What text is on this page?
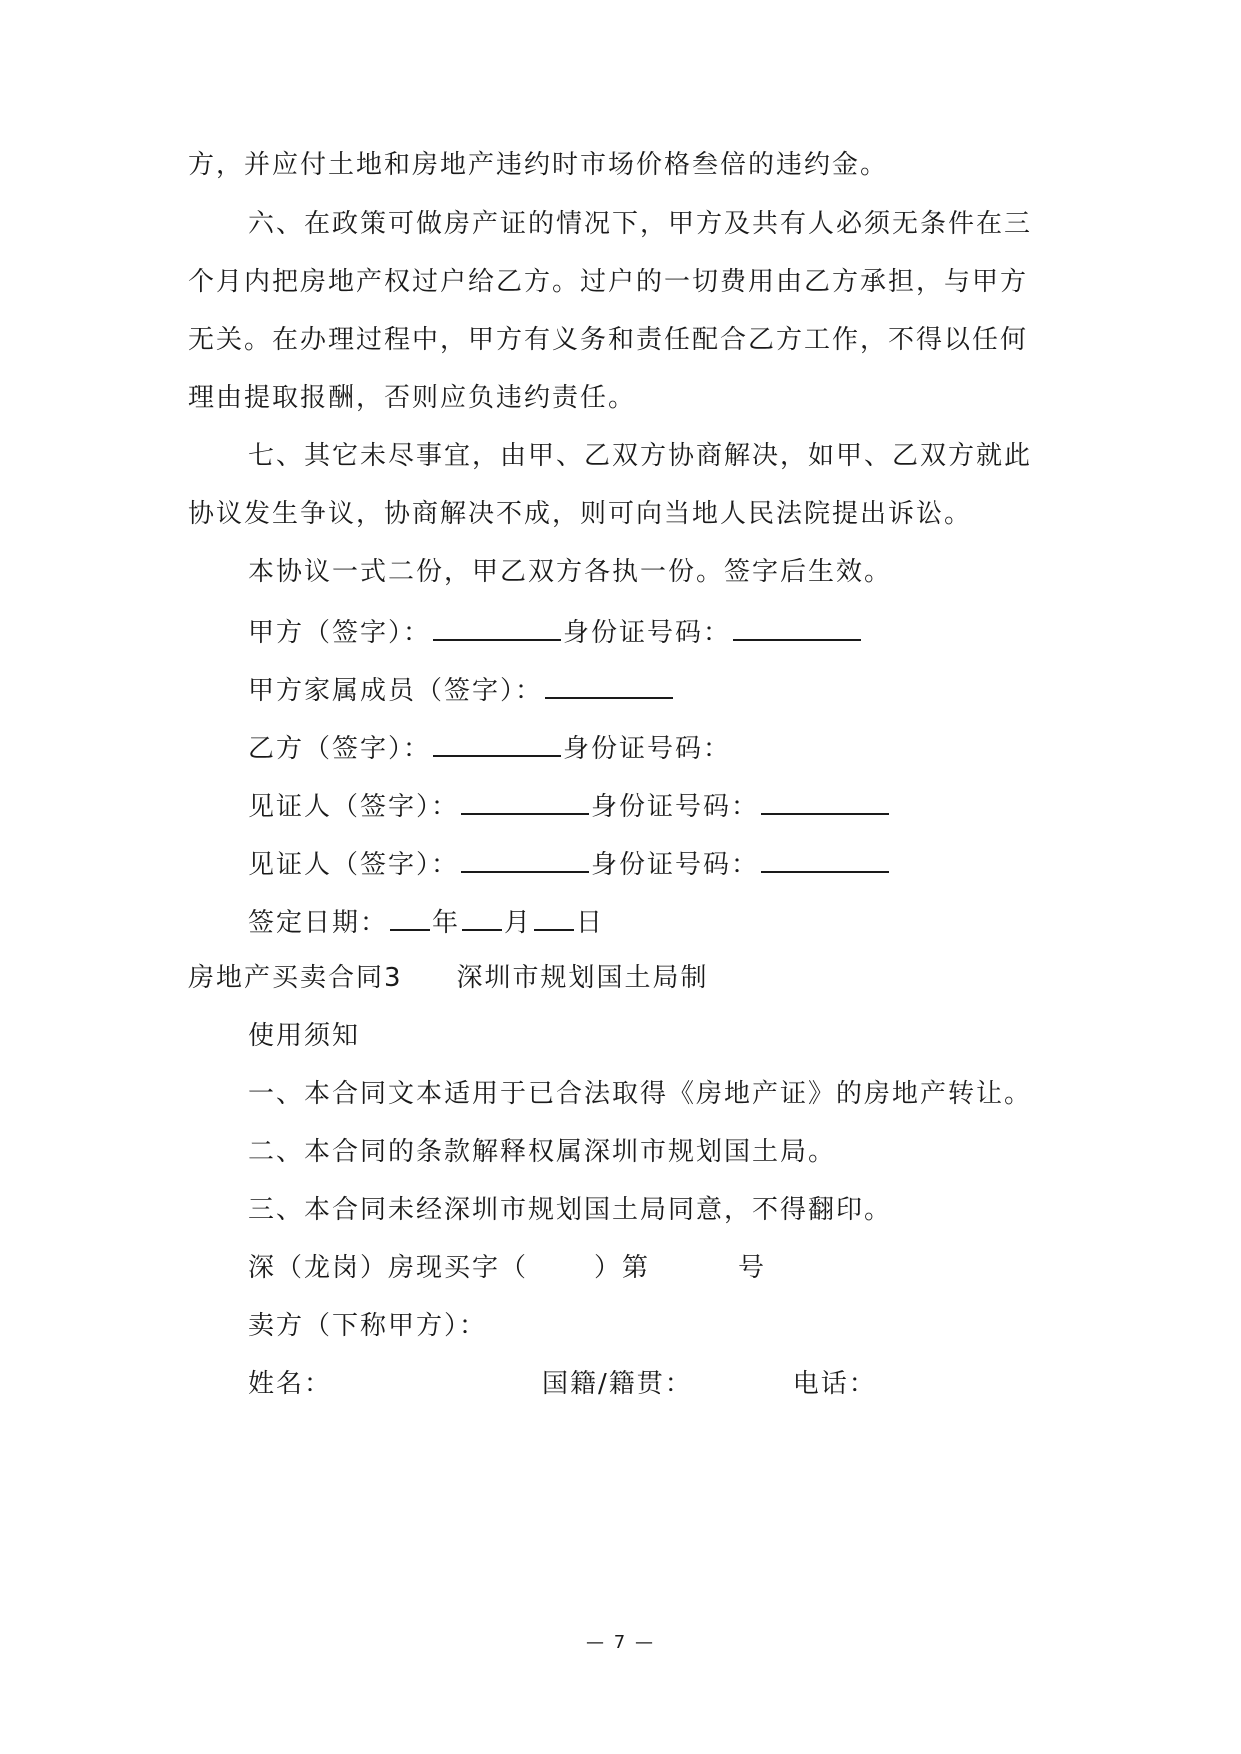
方，并应付土地和房地产违约时市场价格叁倍的违约金。
六、在政策可做房产证的情况下，甲方及共有人必须无条件在三
个月内把房地产权过户给乙方。过户的一切费用由乙方承担，与甲方
无关。在办理过程中，甲方有义务和责任配合乙方工作，不得以任何
理由提取报酬，否则应负违约责任。
七、其它未尽事宜，由甲、乙双方协商解决，如甲、乙双方就此
协议发生争议，协商解决不成，则可向当地人民法院提出诉讼。
本协议一式二份，甲乙双方各执一份。签字后生效。
甲方（签字）：	身份证号码：
甲方家属成员（签字）：
乙方（签字）：	身份证号码：
见证人（签字）：	身份证号码：
见证人（签字）：	身份证号码：
签定日期： 年 月 日
房地产买卖合同3 深圳市规划国土局制
使用须知
一、本合同文本适用于已合法取得《房地产证》的房地产转让。
二、本合同的条款解释权属深圳市规划国土局。
三、本合同未经深圳市规划国土局同意，不得翻印。
深（龙岗）房现买字（	）第	号
卖方（下称甲方）：
姓名：	国籍/籍贯：	电话：
— 7 —
